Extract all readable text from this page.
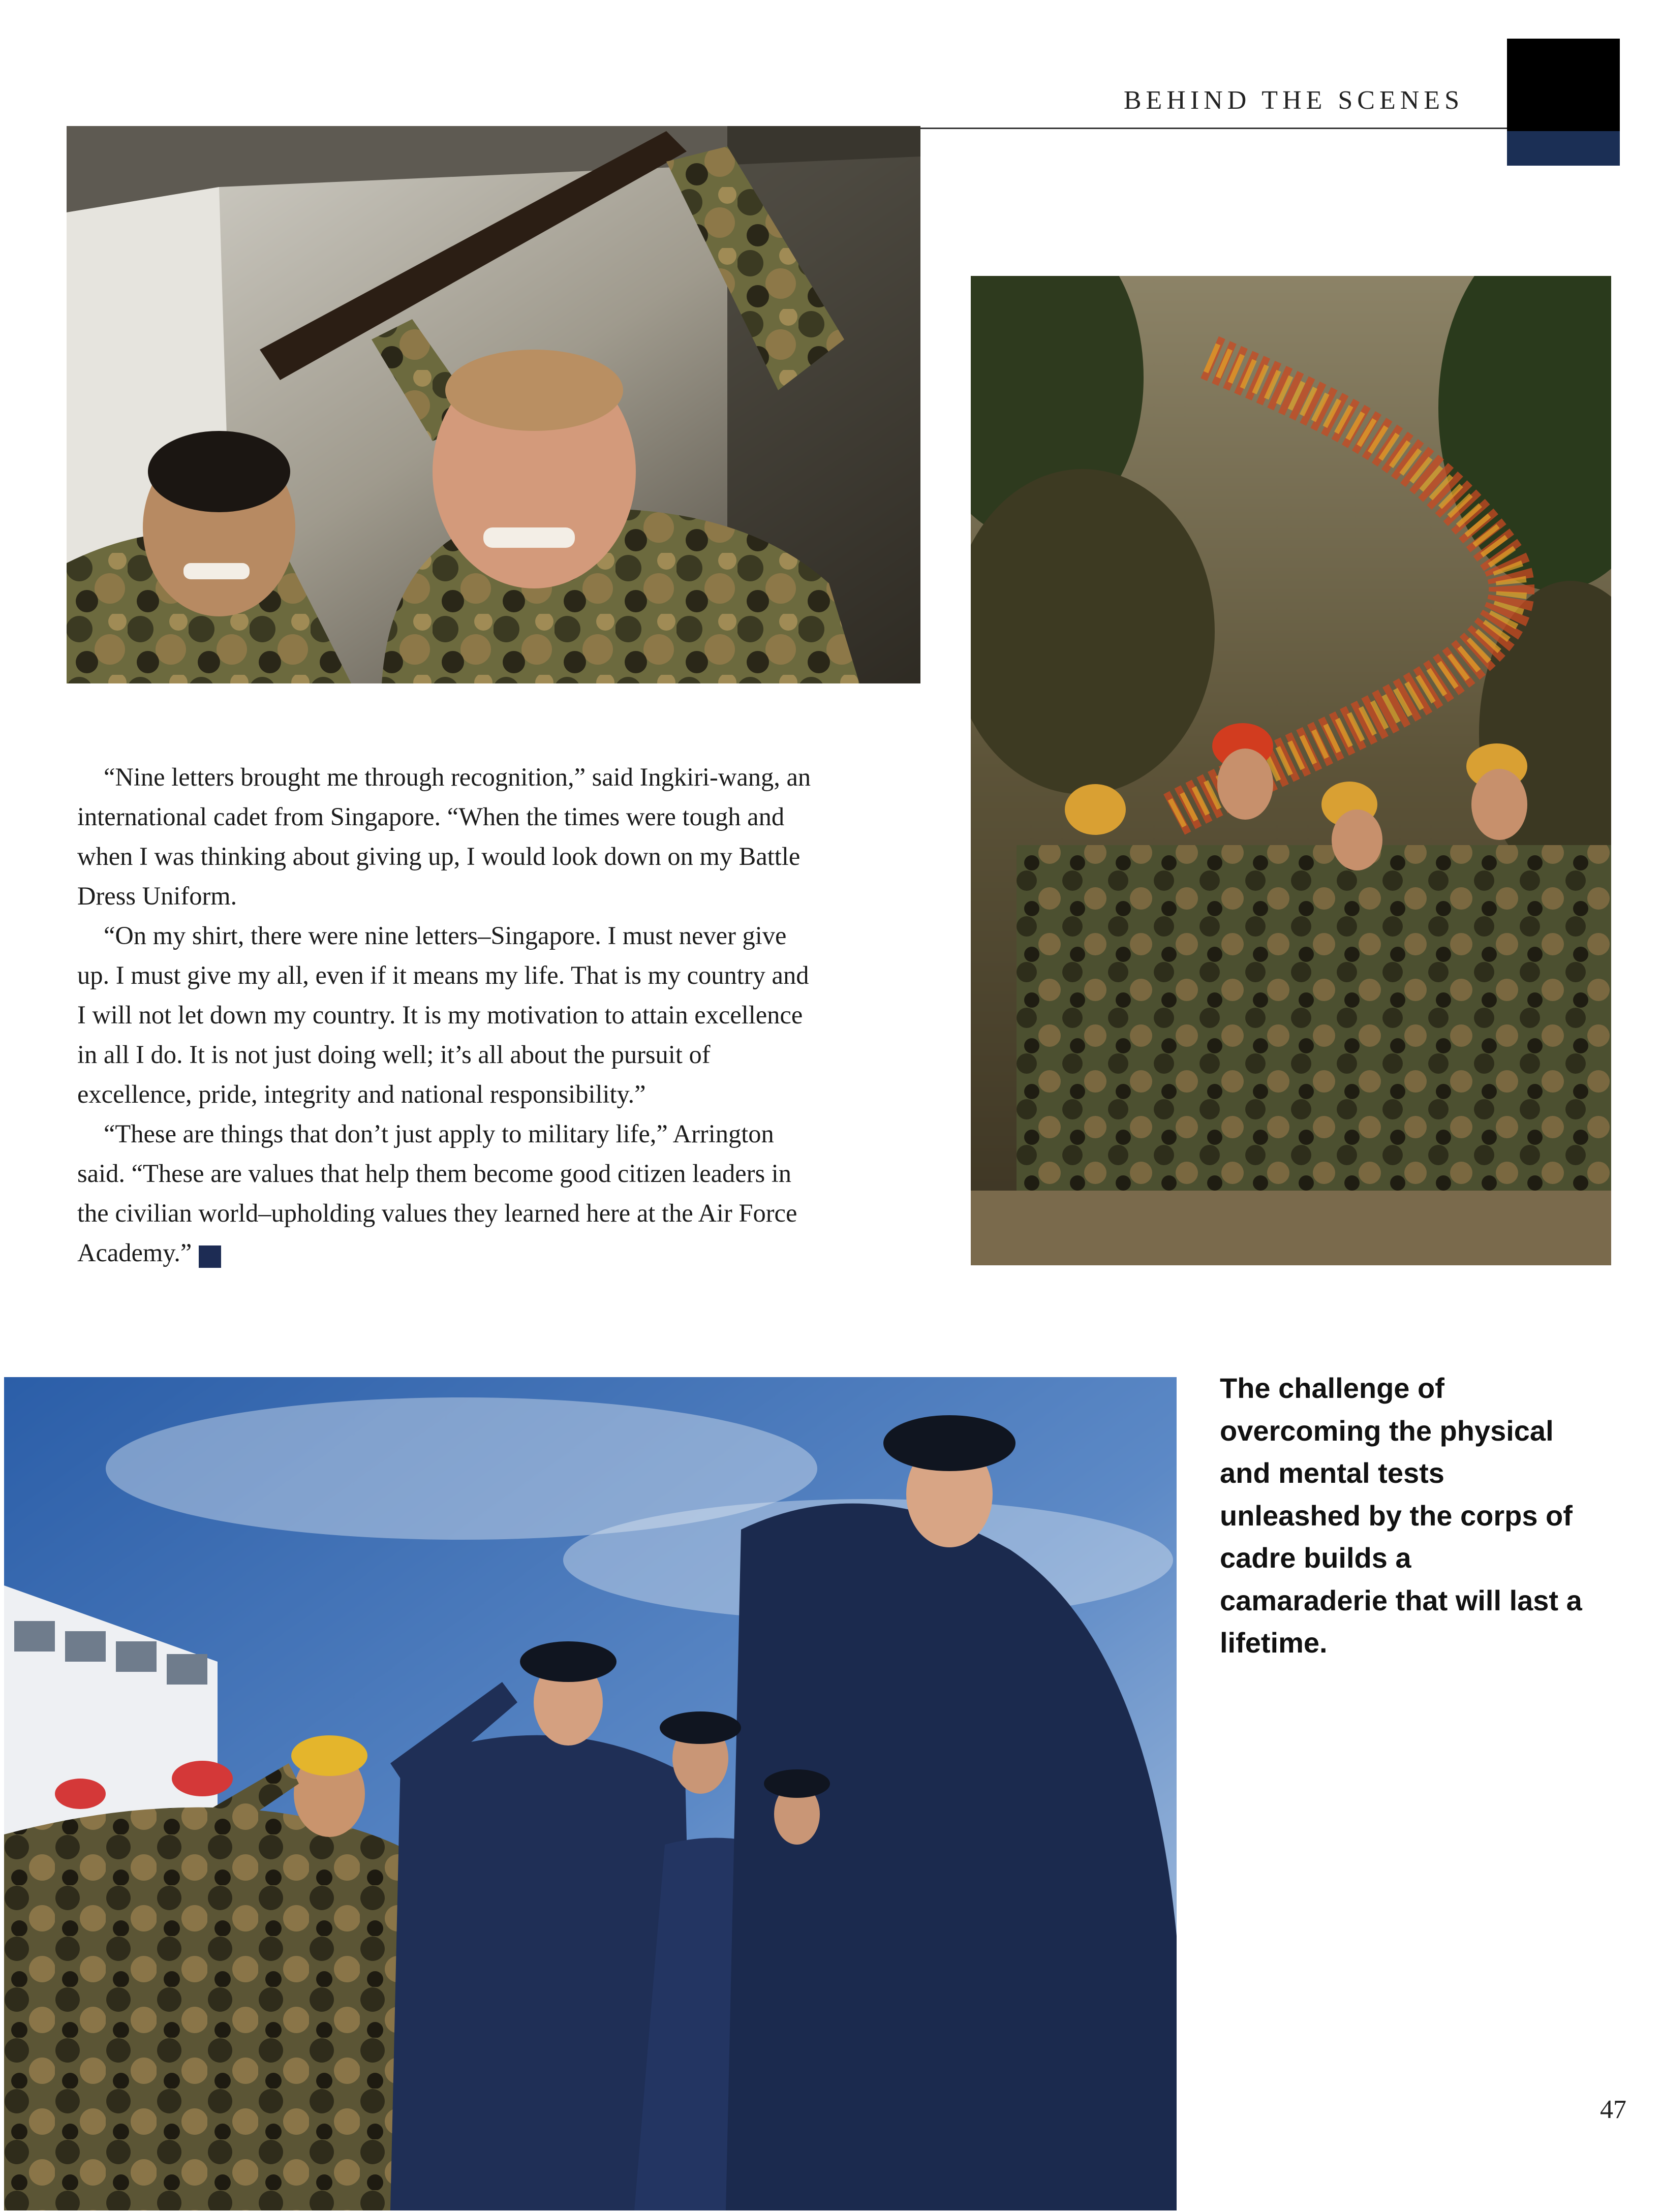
BEHIND THE SCENES

“Nine letters brought me through recognition,” said Ingkiri-wang, an international cadet from Singapore. “When the times were tough and when I was thinking about giving up, I would look down on my Battle Dress Uniform.

“On my shirt, there were nine letters–Singapore. I must never give up. I must give my all, even if it means my life. That is my country and I will not let down my country. It is my motivation to attain excellence in all I do. It is not just doing well; it’s all about the pursuit of excellence, pride, integrity and national responsibility.”

“These are things that don’t just apply to military life,” Arrington said. “These are values that help them become good citizen leaders in the civilian world–upholding values they learned here at the Air Force Academy.” ✓

The challenge of overcoming the physical and mental tests unleashed by the corps of cadre builds a camaraderie that will last a lifetime.
47
